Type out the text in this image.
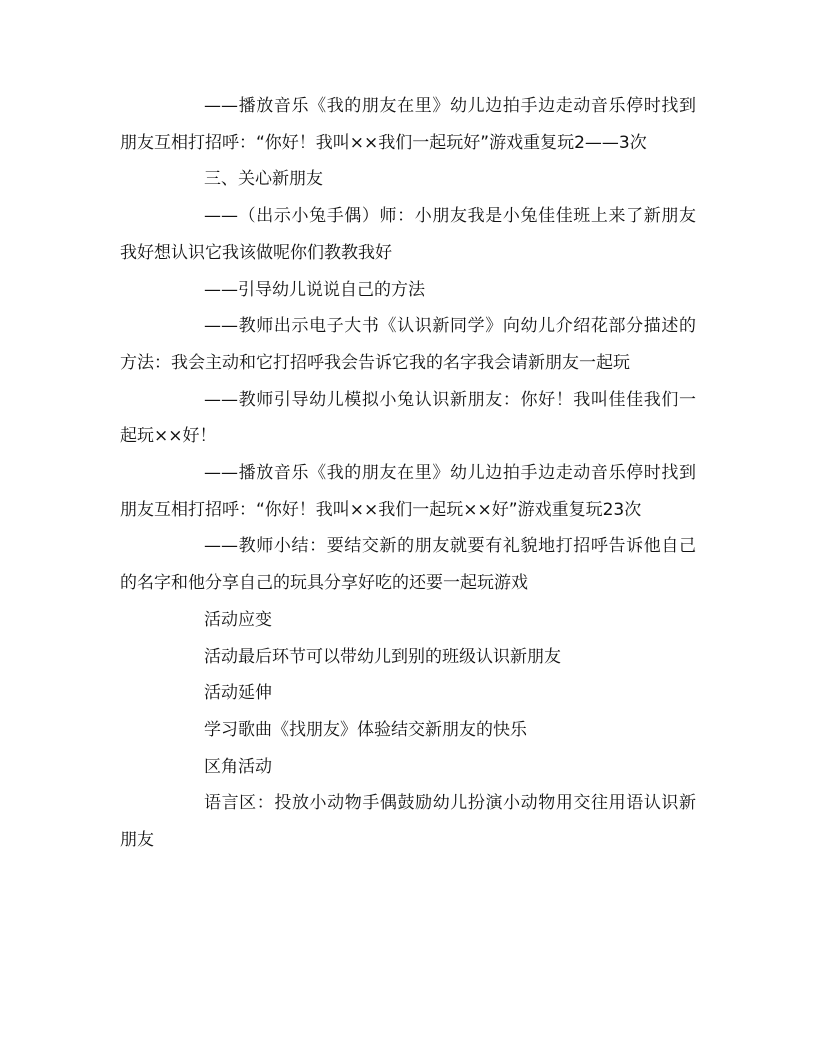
——播放音乐《我的朋友在里》幼儿边拍手边走动音乐停时找到朋友互相打招呼：“你好！我叫××我们一起玩好”游戏重复玩2——3次

三、关心新朋友

——（出示小兔手偶）师：小朋友我是小兔佳佳班上来了新朋友我好想认识它我该做呢你们教教我好

——引导幼儿说说自己的方法

——教师出示电子大书《认识新同学》向幼儿介绍花部分描述的方法：我会主动和它打招呼我会告诉它我的名字我会请新朋友一起玩

——教师引导幼儿模拟小兔认识新朋友：你好！我叫佳佳我们一起玩××好！

——播放音乐《我的朋友在里》幼儿边拍手边走动音乐停时找到朋友互相打招呼：“你好！我叫××我们一起玩××好”游戏重复玩23次

——教师小结：要结交新的朋友就要有礼貌地打招呼告诉他自己的名字和他分享自己的玩具分享好吃的还要一起玩游戏

活动应变

活动最后环节可以带幼儿到别的班级认识新朋友

活动延伸

学习歌曲《找朋友》体验结交新朋友的快乐

区角活动

语言区：投放小动物手偶鼓励幼儿扮演小动物用交往用语认识新朋友
